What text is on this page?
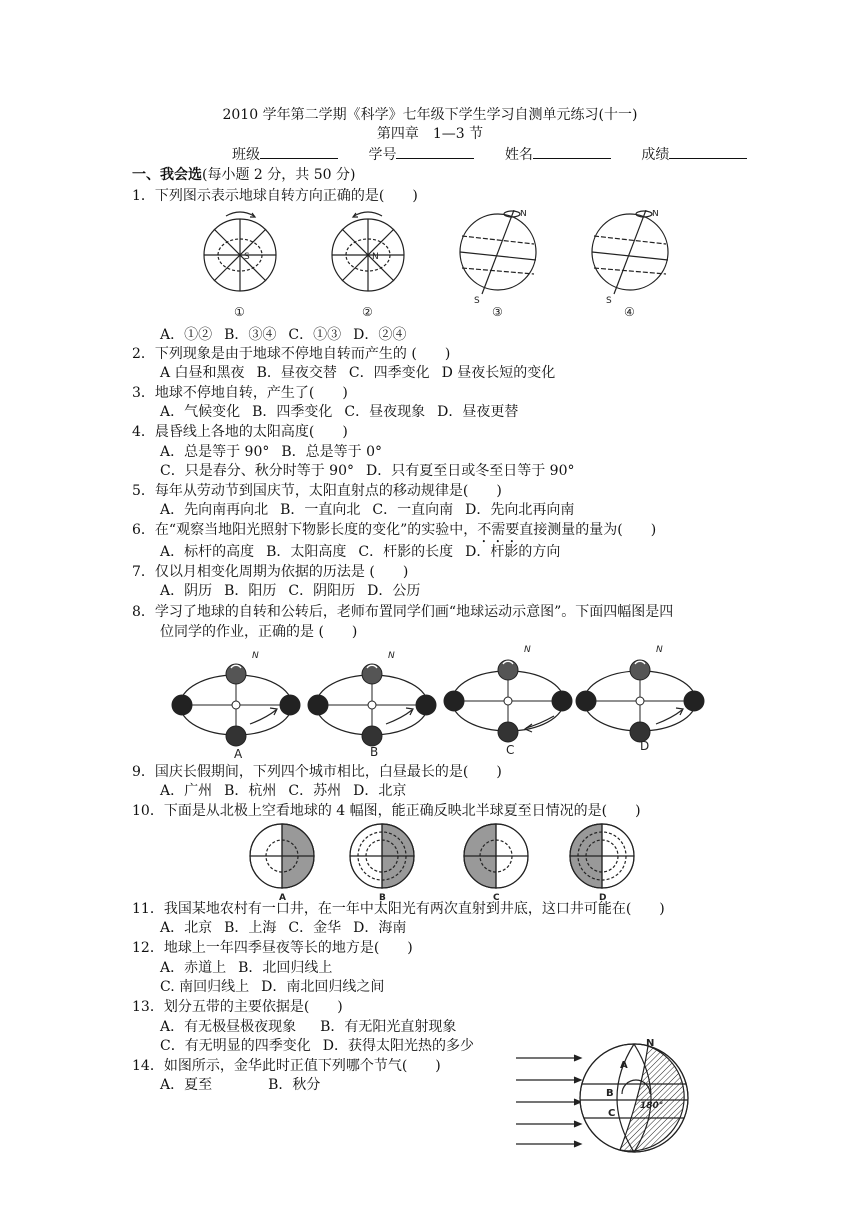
2010 学年第二学期《科学》七年级下学生学习自测单元练习(十一)
第四章　1—3 节
班级	学号	姓名	成绩
一、我会选(每小题 2 分，共 50 分)
1．下列图示表示地球自转方向正确的是(　　)
S	N
N
S
N
S
①	②	③	④
A．①② B．③④ C．①③ D．②④
2．下列现象是由于地球不停地自转而产生的 (　　)
A 白昼和黑夜 B．昼夜交替 C．四季变化 D 昼夜长短的变化
3．地球不停地自转，产生了(　　)
A．气候变化 B．四季变化 C．昼夜现象 D．昼夜更替
4．晨昏线上各地的太阳高度(　　)
A．总是等于 90° B．总是等于 0°
C．只是春分、秋分时等于 90° D．只有夏至日或冬至日等于 90°
5．每年从劳动节到国庆节，太阳直射点的移动规律是(　　)
A．先向南再向北 B．一直向北 C．一直向南 D．先向北再向南
6．在“观察当地阳光照射下物影长度的变化”的实验中，不需要直接测量的量为(　　)
A．标杆的高度 B．太阳高度 C．杆影的长度 D．杆影的方向
7．仅以月相变化周期为依据的历法是 (　　)
A．阴历 B．阳历 C．阴阳历 D．公历
8．学习了地球的自转和公转后，老师布置同学们画“地球运动示意图”。下面四幅图是四
位同学的作业，正确的是 (　　)
N	N
N	N
A	B	C	D
9．国庆长假期间，下列四个城市相比，白昼最长的是(　　)
A．广州 B．杭州 C．苏州 D．北京
10．下面是从北极上空看地球的 4 幅图，能正确反映北半球夏至日情况的是(　　)
A	B	C	D
11．我国某地农村有一口井，在一年中太阳光有两次直射到井底，这口井可能在(　　)
A．北京 B．上海 C．金华 D．海南
12．地球上一年四季昼夜等长的地方是(　　)
A．赤道上 B．北回归线上
C. 南回归线上 D．南北回归线之间
13．划分五带的主要依据是(　　)
A．有无极昼极夜现象 B．有无阳光直射现象
C．有无明显的四季变化 D．获得太阳光热的多少
14．如图所示，金华此时正值下列哪个节气(　　)
A．夏至	B．秋分
N
A
B
C
180°
